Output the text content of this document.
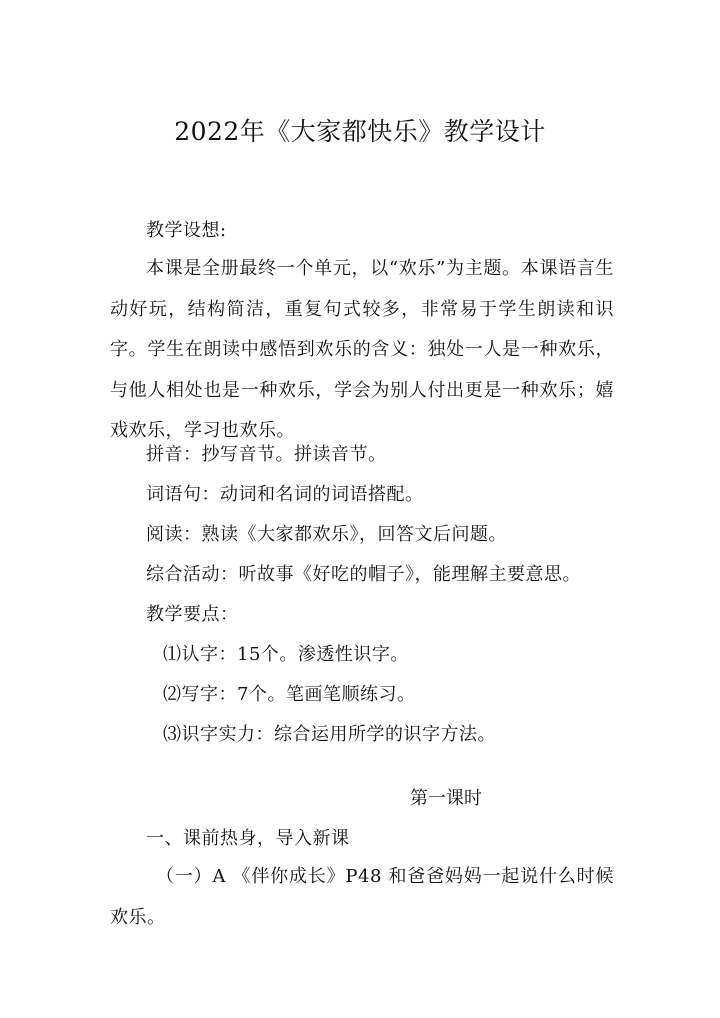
2022年《大家都快乐》教学设计
教学设想:
本课是全册最终一个单元，以“欢乐”为主题。本课语言生动好玩，结构简洁，重复句式较多，非常易于学生朗读和识字。学生在朗读中感悟到欢乐的含义：独处一人是一种欢乐，与他人相处也是一种欢乐，学会为别人付出更是一种欢乐；嬉戏欢乐，学习也欢乐。
拼音：抄写音节。拼读音节。
词语句：动词和名词的词语搭配。
阅读：熟读《大家都欢乐》，回答文后问题。
综合活动：听故事《好吃的帽子》，能理解主要意思。
教学要点：
⑴认字：15个。渗透性识字。
⑵写字：7个。笔画笔顺练习。
⑶识字实力：综合运用所学的识字方法。
第一课时
一、课前热身，导入新课
（一）A 《伴你成长》P48 和爸爸妈妈一起说什么时候欢乐。
